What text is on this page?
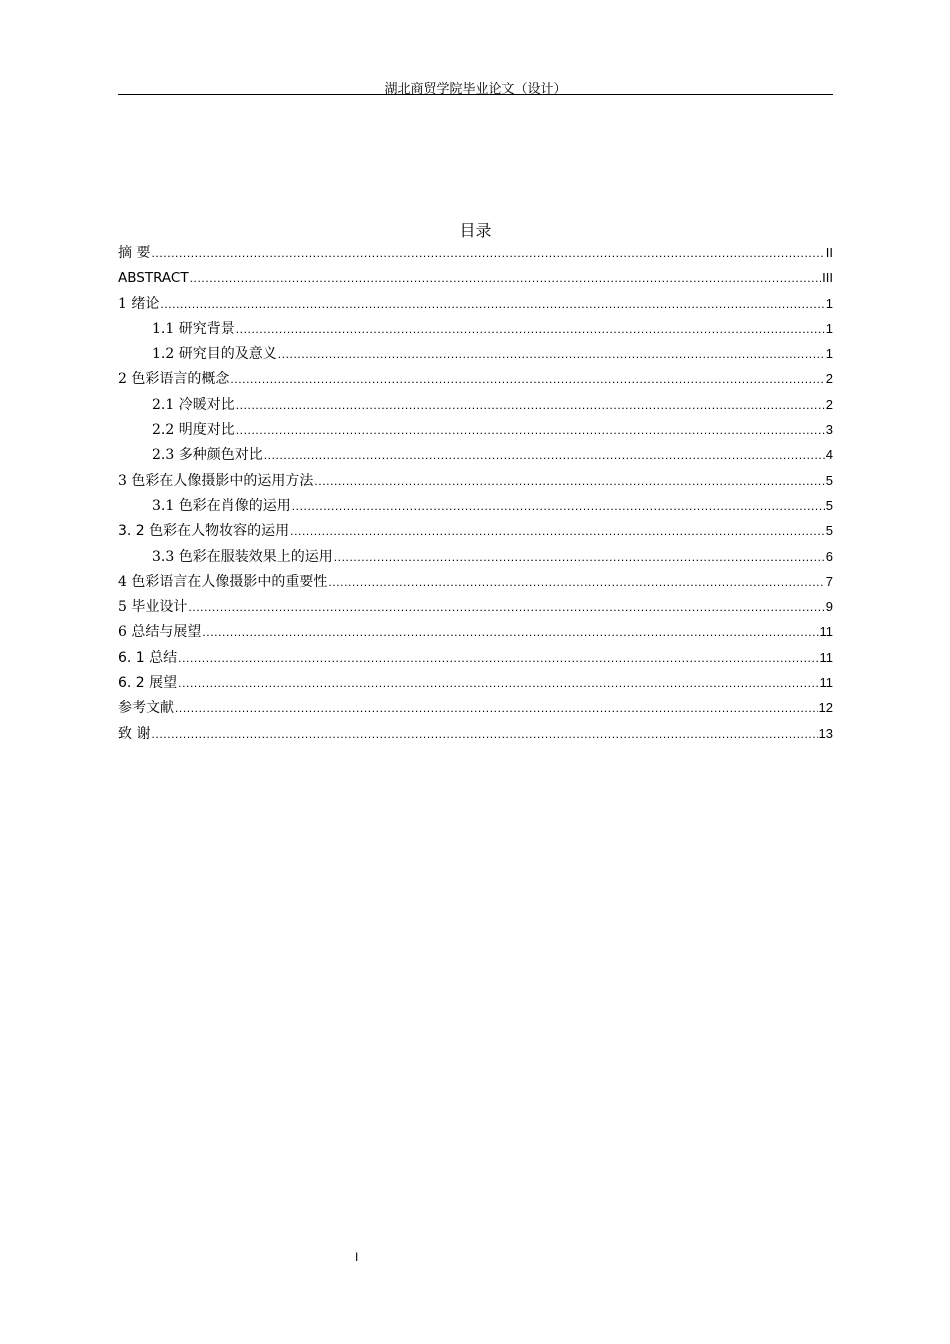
湖北商贸学院毕业论文（设计）
目录
摘 要 .....	II
ABSTRACT .....	III
1 绪论 .....	1
1.1 研究背景 .....	1
1.2 研究目的及意义 .....	1
2 色彩语言的概念 .....	2
2.1 冷暖对比 .....	2
2.2 明度对比 .....	3
2.3 多种颜色对比 .....	4
3 色彩在人像摄影中的运用方法 .....	5
3.1 色彩在肖像的运用 .....	5
3. 2 色彩在人物妆容的运用 .....	5
3.3 色彩在服装效果上的运用 .....	6
4 色彩语言在人像摄影中的重要性 .....	7
5 毕业设计 .....	9
6 总结与展望 .....	11
6. 1 总结 .....	11
6. 2 展望 .....	11
参考文献 .....	12
致 谢 .....	13
I
